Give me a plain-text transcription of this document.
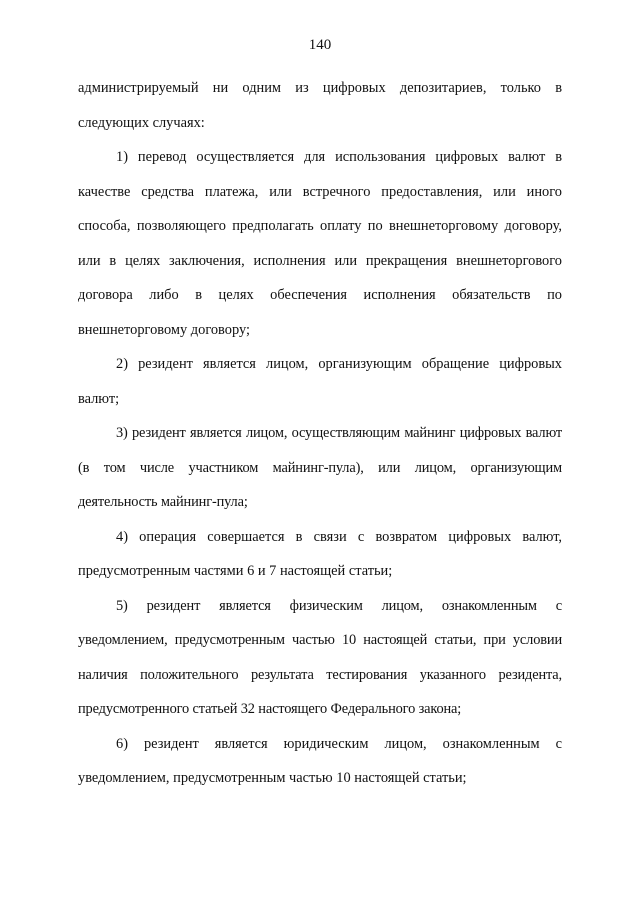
140

администрируемый ни одним из цифровых депозитариев, только в следующих случаях:

1) перевод осуществляется для использования цифровых валют в качестве средства платежа, или встречного предоставления, или иного способа, позволяющего предполагать оплату по внешнеторговому договору, или в целях заключения, исполнения или прекращения внешнеторгового договора либо в целях обеспечения исполнения обязательств по внешнеторговому договору;

2) резидент является лицом, организующим обращение цифровых валют;

3) резидент является лицом, осуществляющим майнинг цифровых валют (в том числе участником майнинг-пула), или лицом, организующим деятельность майнинг-пула;

4) операция совершается в связи с возвратом цифровых валют, предусмотренным частями 6 и 7 настоящей статьи;

5) резидент является физическим лицом, ознакомленным с уведомлением, предусмотренным частью 10 настоящей статьи, при условии наличия положительного результата тестирования указанного резидента, предусмотренного статьей 32 настоящего Федерального закона;

6) резидент является юридическим лицом, ознакомленным с уведомлением, предусмотренным частью 10 настоящей статьи;
